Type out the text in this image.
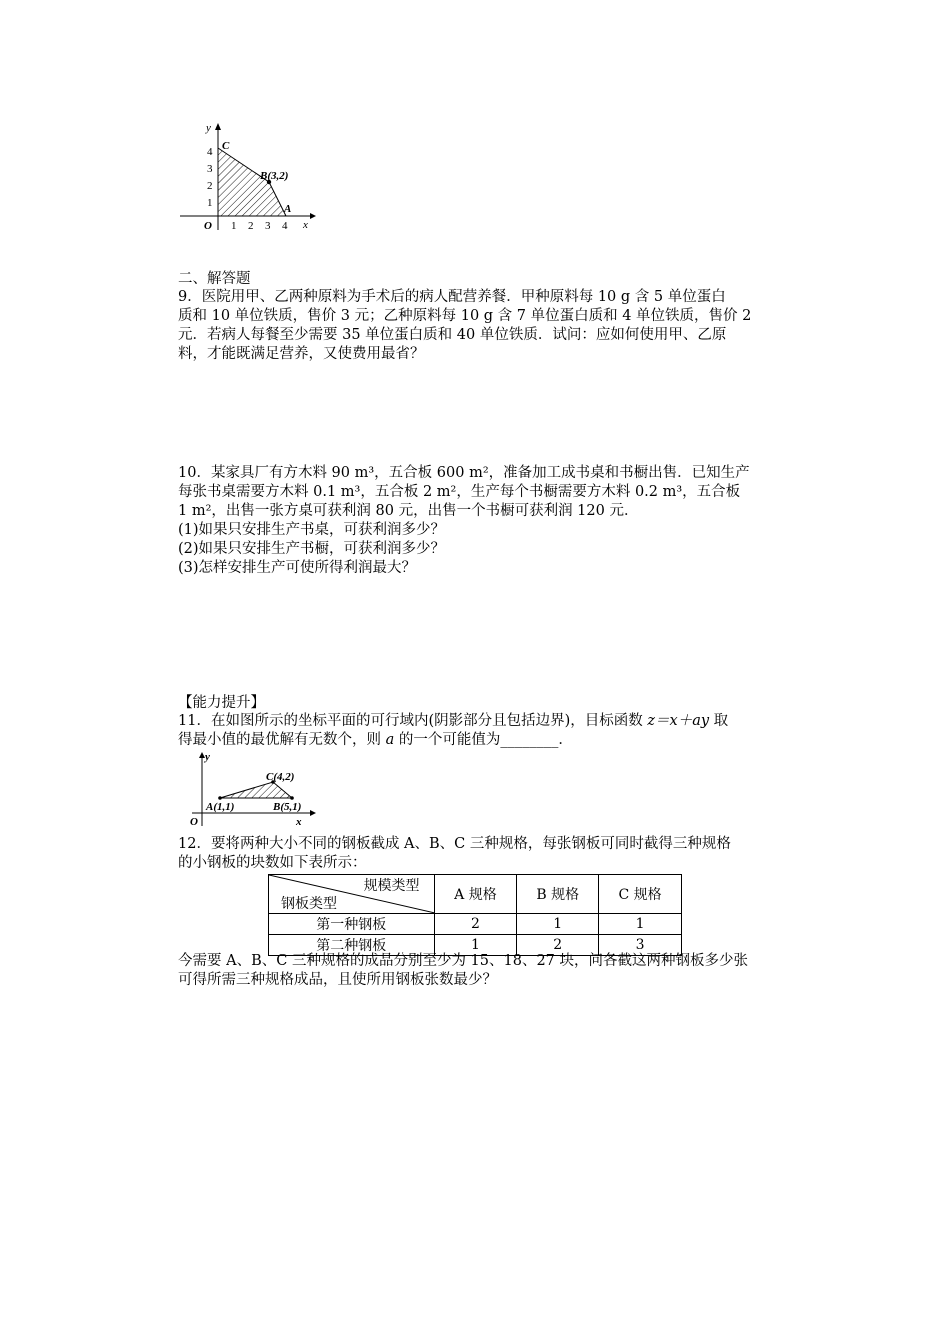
y
x
O
1
2
3
4
1 2 3 4
C
B(3,2)
A
二、解答题
9．医院用甲、乙两种原料为手术后的病人配营养餐．甲种原料每 10 g 含 5 单位蛋白
质和 10 单位铁质，售价 3 元；乙种原料每 10 g 含 7 单位蛋白质和 4 单位铁质，售价 2
元．若病人每餐至少需要 35 单位蛋白质和 40 单位铁质．试问：应如何使用甲、乙原
料，才能既满足营养，又使费用最省？
10．某家具厂有方木料 90 m³，五合板 600 m²，准备加工成书桌和书橱出售．已知生产
每张书桌需要方木料 0.1 m³，五合板 2 m²，生产每个书橱需要方木料 0.2 m³，五合板
1 m²，出售一张方桌可获利润 80 元，出售一个书橱可获利润 120 元．
(1)如果只安排生产书桌，可获利润多少？
(2)如果只安排生产书橱，可获利润多少？
(3)怎样安排生产可使所得利润最大？
【能力提升】
11．在如图所示的坐标平面的可行域内(阴影部分且包括边界)，目标函数 z＝x＋ay 取
得最小值的最优解有无数个，则 a 的一个可能值为________．
y
x
O
A(1,1)	B(5,1)
C(4,2)
12．要将两种大小不同的钢板截成 A、B、C 三种规格，每张钢板可同时截得三种规格
的小钢板的块数如下表所示：
规模类型
钢板类型	A 规格	B 规格	C 规格
第一种钢板	2	1	1
第二种钢板	1	2	3
今需要 A、B、C 三种规格的成品分别至少为 15、18、27 块，问各截这两种钢板多少张
可得所需三种规格成品，且使所用钢板张数最少？
